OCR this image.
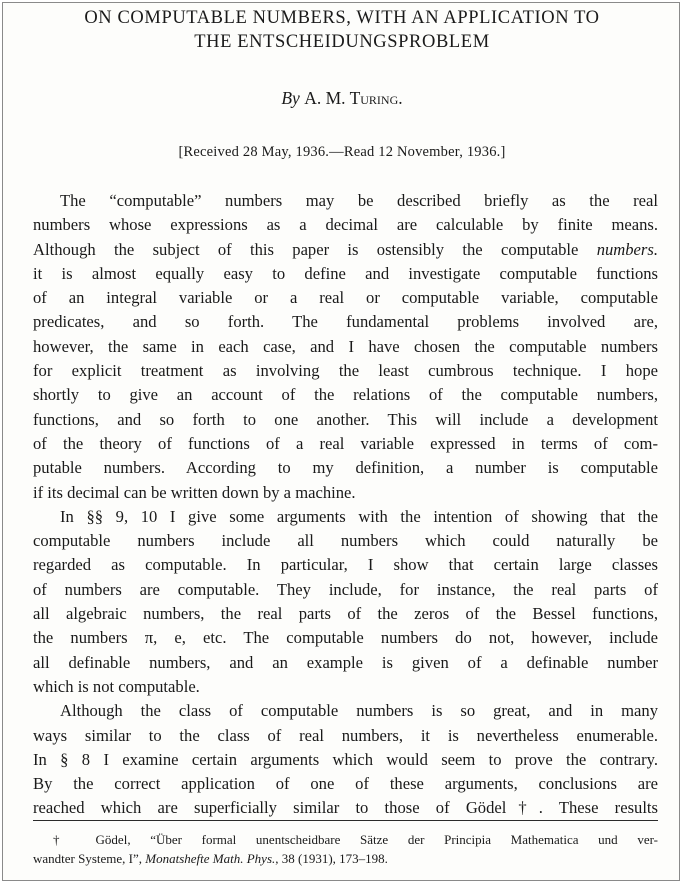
ON COMPUTABLE NUMBERS, WITH AN APPLICATION TO
THE ENTSCHEIDUNGSPROBLEM
By A. M. Turing.
[Received 28 May, 1936.—Read 12 November, 1936.]
The “computable” numbers may be described briefly as the real
numbers whose expressions as a decimal are calculable by finite means.
Although the subject of this paper is ostensibly the computable numbers.
it is almost equally easy to define and investigate computable functions
of an integral variable or a real or computable variable, computable
predicates, and so forth. The fundamental problems involved are,
however, the same in each case, and I have chosen the computable numbers
for explicit treatment as involving the least cumbrous technique. I hope
shortly to give an account of the relations of the computable numbers,
functions, and so forth to one another. This will include a development
of the theory of functions of a real variable expressed in terms of com-
putable numbers. According to my definition, a number is computable
if its decimal can be written down by a machine.
In §§ 9, 10 I give some arguments with the intention of showing that the
computable numbers include all numbers which could naturally be
regarded as computable. In particular, I show that certain large classes
of numbers are computable. They include, for instance, the real parts of
all algebraic numbers, the real parts of the zeros of the Bessel functions,
the numbers π, e, etc. The computable numbers do not, however, include
all definable numbers, and an example is given of a definable number
which is not computable.
Although the class of computable numbers is so great, and in many
ways similar to the class of real numbers, it is nevertheless enumerable.
In § 8 I examine certain arguments which would seem to prove the contrary.
By the correct application of one of these arguments, conclusions are
reached which are superficially similar to those of Gödel†. These results
† Gödel, “Über formal unentscheidbare Sätze der Principia Mathematica und ver-
wandter Systeme, I”, Monatshefte Math. Phys., 38 (1931), 173–198.
